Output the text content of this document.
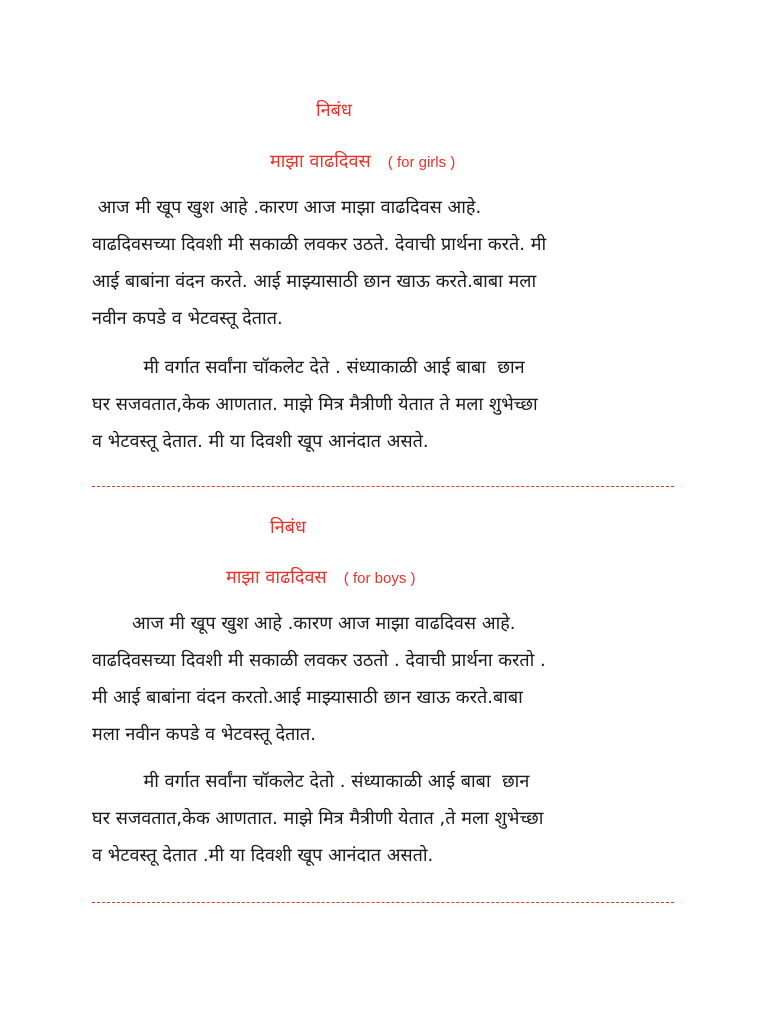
निबंध
माझा वाढदिवस ( for girls )

आज मी खूप खुश आहे .कारण आज माझा वाढदिवस आहे.
वाढदिवसच्या दिवशी मी सकाळी लवकर उठते. देवाची प्रार्थना करते. मी
आई बाबांना वंदन करते. आई माझ्यासाठी छान खाऊ करते.बाबा मला
नवीन कपडे व भेटवस्तू देतात.

मी वर्गात सर्वांना चॉकलेट देते . संध्याकाळी आई बाबा  छान
घर सजवतात,केक आणतात. माझे मित्र मैत्रीणी येतात ते मला शुभेच्छा
व भेटवस्तू देतात. मी या दिवशी खूप आनंदात असते.

निबंध
माझा वाढदिवस ( for boys )

आज मी खूप खुश आहे .कारण आज माझा वाढदिवस आहे.
वाढदिवसच्या दिवशी मी सकाळी लवकर उठतो . देवाची प्रार्थना करतो .
मी आई बाबांना वंदन करतो.आई माझ्यासाठी छान खाऊ करते.बाबा
मला नवीन कपडे व भेटवस्तू देतात.

मी वर्गात सर्वांना चॉकलेट देतो . संध्याकाळी आई बाबा  छान
घर सजवतात,केक आणतात. माझे मित्र मैत्रीणी येतात ,ते मला शुभेच्छा
व भेटवस्तू देतात .मी या दिवशी खूप आनंदात असतो.
